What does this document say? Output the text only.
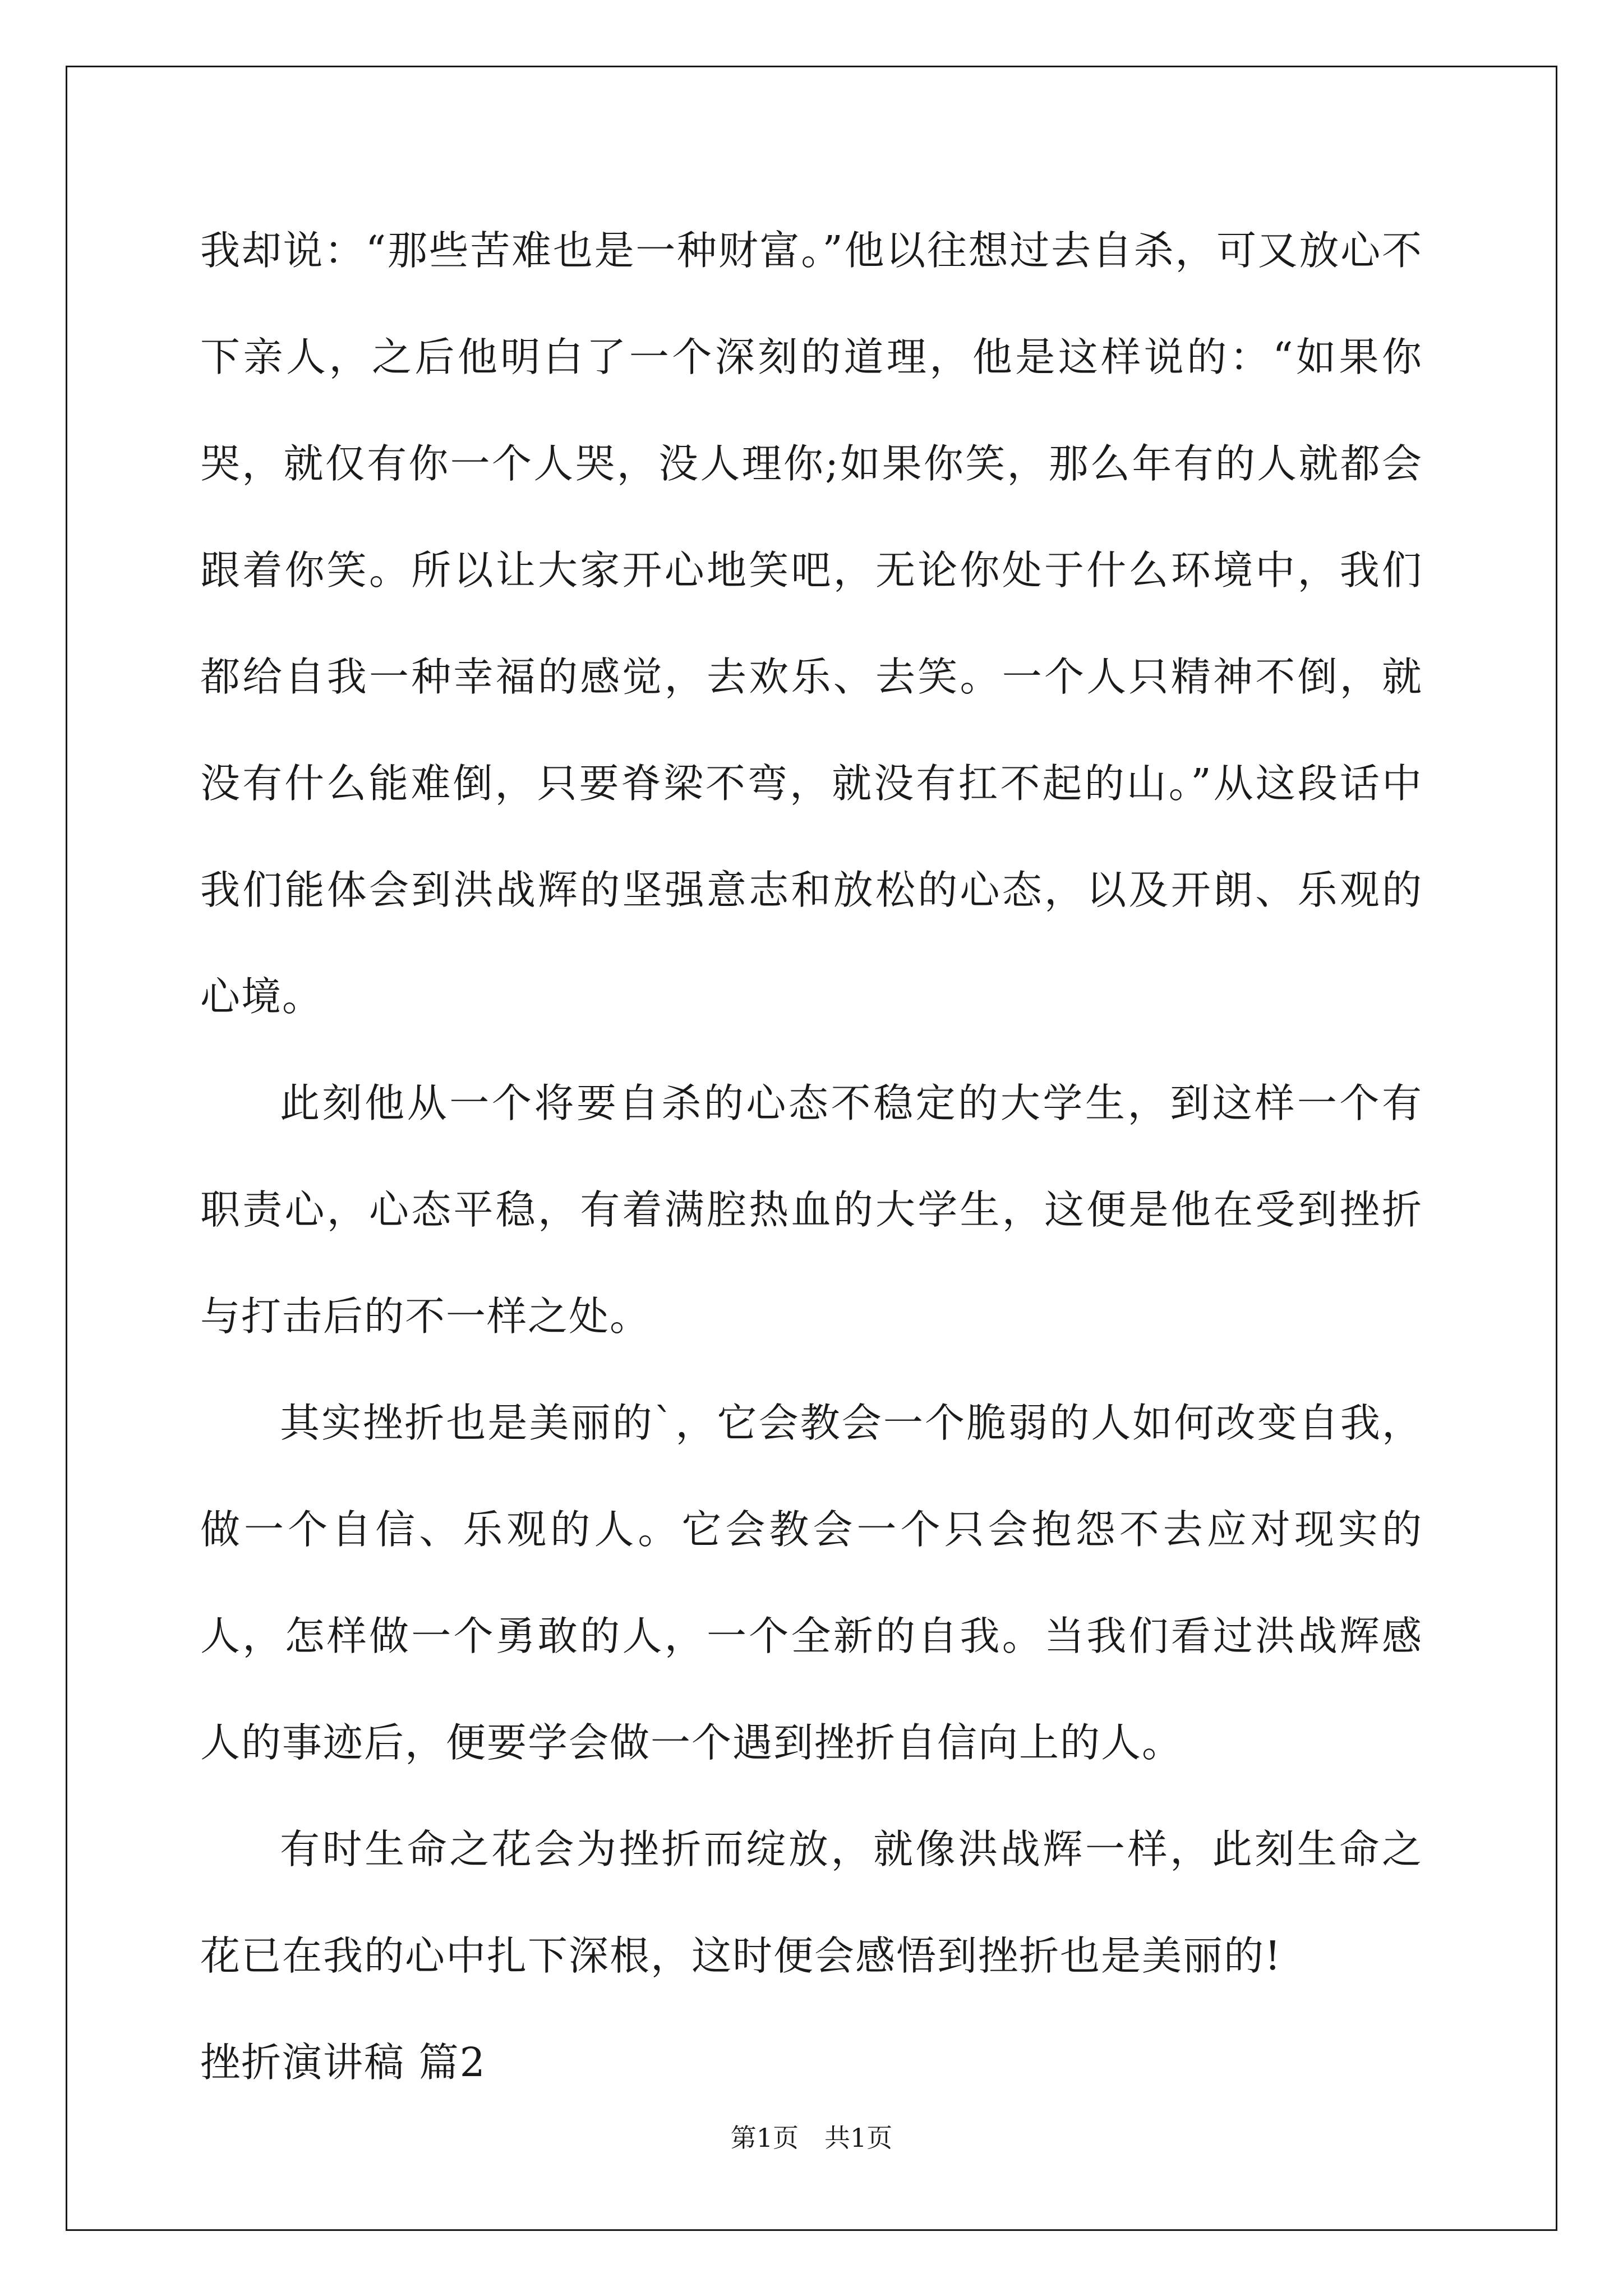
我却说：“那些苦难也是一种财富。”他以往想过去自杀，可又放心不下亲人，之后他明白了一个深刻的道理，他是这样说的：“如果你哭，就仅有你一个人哭，没人理你;如果你笑，那么年有的人就都会跟着你笑。所以让大家开心地笑吧，无论你处于什么环境中，我们都给自我一种幸福的感觉，去欢乐、去笑。一个人只精神不倒，就没有什么能难倒，只要脊梁不弯，就没有扛不起的山。”从这段话中我们能体会到洪战辉的坚强意志和放松的心态，以及开朗、乐观的心境。

此刻他从一个将要自杀的心态不稳定的大学生，到这样一个有职责心，心态平稳，有着满腔热血的大学生，这便是他在受到挫折与打击后的不一样之处。

其实挫折也是美丽的`，它会教会一个脆弱的人如何改变自我，做一个自信、乐观的人。它会教会一个只会抱怨不去应对现实的人，怎样做一个勇敢的人，一个全新的自我。当我们看过洪战辉感人的事迹后，便要学会做一个遇到挫折自信向上的人。

有时生命之花会为挫折而绽放，就像洪战辉一样，此刻生命之花已在我的心中扎下深根，这时便会感悟到挫折也是美丽的!

挫折演讲稿 篇2
第1页　共1页
